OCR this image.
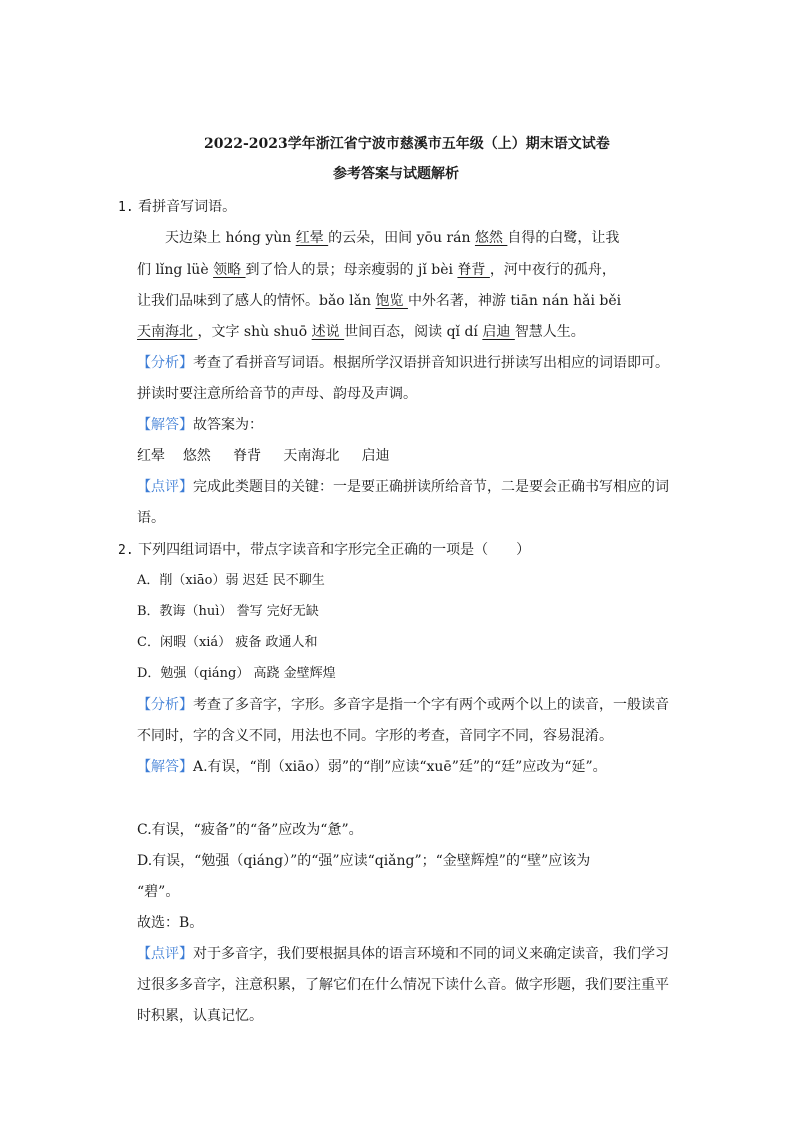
2022-2023学年浙江省宁波市慈溪市五年级（上）期末语文试卷
参考答案与试题解析
1. 看拼音写词语。
天边染上 hóng yùn 红晕 的云朵，田间 yōu rán 悠然 自得的白鹭，让我
们 lǐng lüè 领略 到了恰人的景；母亲瘦弱的 jǐ bèi 脊背 ，河中夜行的孤舟，
让我们品味到了感人的情怀。bǎo lǎn 饱览 中外名著，神游 tiān nán hǎi běi
天南海北 ，文字 shù shuō 述说 世间百态，阅读 qǐ dí 启迪 智慧人生。
【分析】考查了看拼音写词语。根据所学汉语拼音知识进行拼读写出相应的词语即可。
拼读时要注意所给音节的声母、韵母及声调。
【解答】故答案为：
红晕 悠然 脊背 天南海北 启迪
【点评】完成此类题目的关键：一是要正确拼读所给音节，二是要会正确书写相应的词
语。
2. 下列四组词语中，带点字读音和字形完全正确的一项是（　　）
A．削（xiāo）弱 迟廷 民不聊生
B．教诲（huì） 誊写 完好无缺
C．闲暇（xiá） 疲备 政通人和
D．勉强（qiáng） 高跷 金壁辉煌
【分析】考查了多音字，字形。多音字是指一个字有两个或两个以上的读音，一般读音
不同时，字的含义不同，用法也不同。字形的考查，音同字不同，容易混淆。
【解答】A.有误，“削（xiāo）弱”的“削”应读“xuē”廷”的“廷”应改为“延”。
C.有误，“疲备”的“备”应改为“惫”。
D.有误，“勉强（qiáng）”的“强”应读“qiǎng”；“金壁辉煌”的“壁”应该为
“碧”。
故选：B。
【点评】对于多音字，我们要根据具体的语言环境和不同的词义来确定读音，我们学习
过很多多音字，注意积累，了解它们在什么情况下读什么音。做字形题，我们要注重平
时积累，认真记忆。
